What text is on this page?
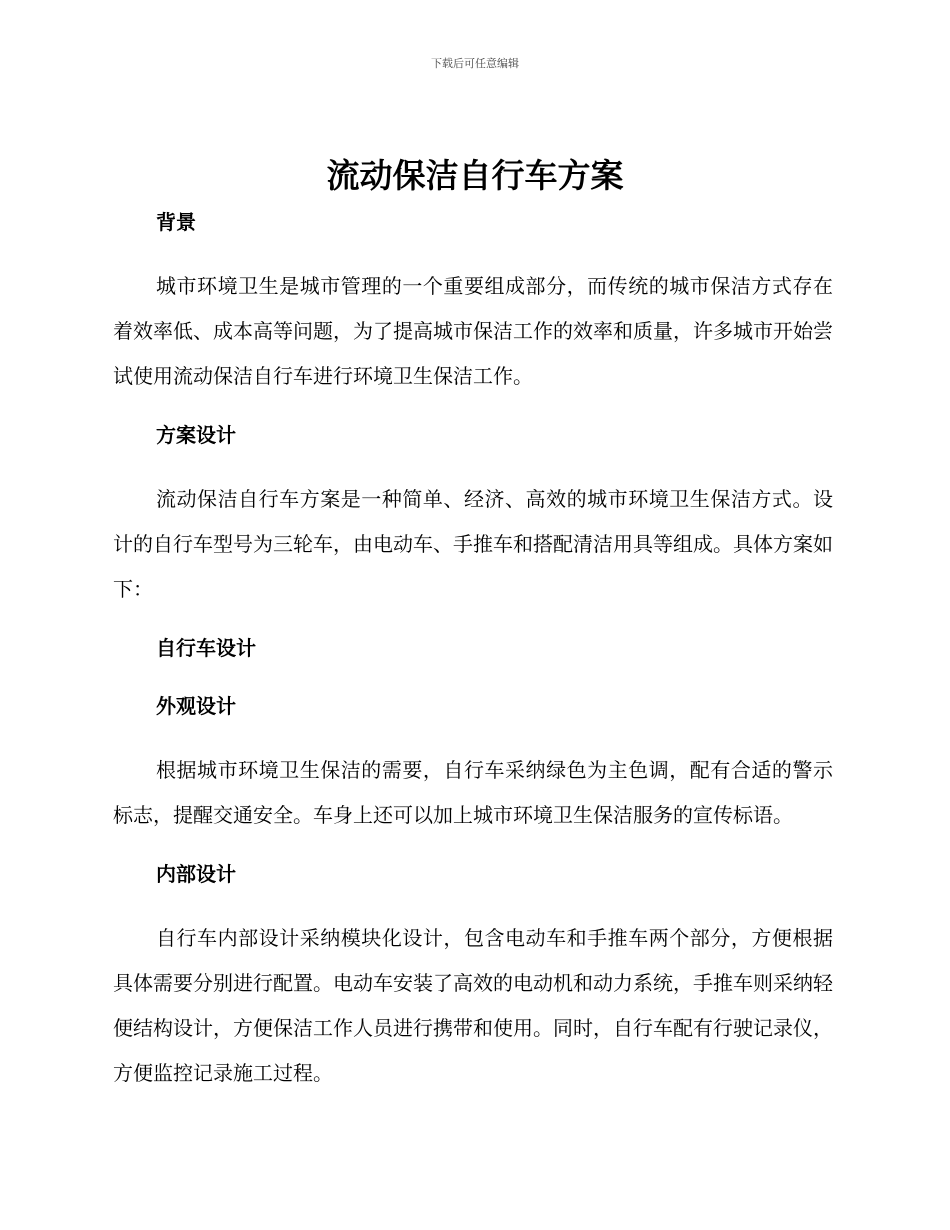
下载后可任意编辑
流动保洁自行车方案
背景

城市环境卫生是城市管理的一个重要组成部分，而传统的城市保洁方式存在着效率低、成本高等问题，为了提高城市保洁工作的效率和质量，许多城市开始尝试使用流动保洁自行车进行环境卫生保洁工作。

方案设计

流动保洁自行车方案是一种简单、经济、高效的城市环境卫生保洁方式。设计的自行车型号为三轮车，由电动车、手推车和搭配清洁用具等组成。具体方案如下：

自行车设计
外观设计

根据城市环境卫生保洁的需要，自行车采纳绿色为主色调，配有合适的警示标志，提醒交通安全。车身上还可以加上城市环境卫生保洁服务的宣传标语。

内部设计

自行车内部设计采纳模块化设计，包含电动车和手推车两个部分，方便根据具体需要分别进行配置。电动车安装了高效的电动机和动力系统，手推车则采纳轻便结构设计，方便保洁工作人员进行携带和使用。同时，自行车配有行驶记录仪，方便监控记录施工过程。
